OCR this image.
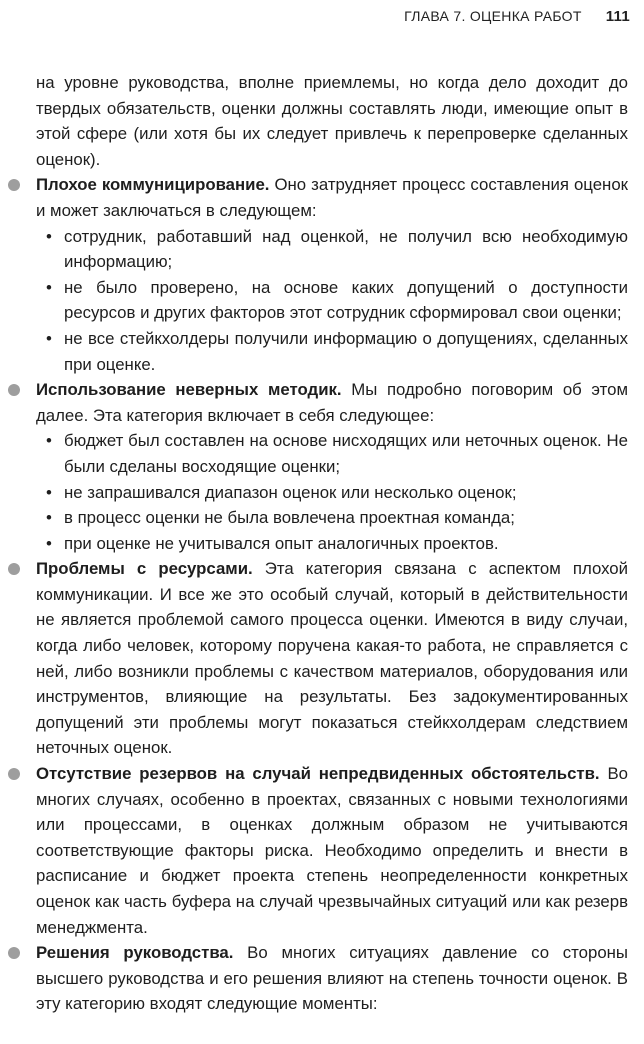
ГЛАВА 7. ОЦЕНКА РАБОТ 111

на уровне руководства, вполне приемлемы, но когда дело доходит до твердых обязательств, оценки должны составлять люди, имеющие опыт в этой сфере (или хотя бы их следует привлечь к перепроверке сделанных оценок).

Плохое коммуницирование. Оно затрудняет процесс составления оценок и может заключаться в следующем:

• сотрудник, работавший над оценкой, не получил всю необходимую информацию;
• не было проверено, на основе каких допущений о доступности ресурсов и других факторов этот сотрудник сформировал свои оценки;
• не все стейкхолдеры получили информацию о допущениях, сделанных при оценке.

Использование неверных методик. Мы подробно поговорим об этом далее. Эта категория включает в себя следующее:

• бюджет был составлен на основе нисходящих или неточных оценок. Не были сделаны восходящие оценки;
• не запрашивался диапазон оценок или несколько оценок;
• в процесс оценки не была вовлечена проектная команда;
• при оценке не учитывался опыт аналогичных проектов.

Проблемы с ресурсами. Эта категория связана с аспектом плохой коммуникации. И все же это особый случай, который в действительности не является проблемой самого процесса оценки. Имеются в виду случаи, когда либо человек, которому поручена какая-то работа, не справляется с ней, либо возникли проблемы с качеством материалов, оборудования или инструментов, влияющие на результаты. Без задокументированных допущений эти проблемы могут показаться стейкхолдерам следствием неточных оценок.

Отсутствие резервов на случай непредвиденных обстоятельств. Во многих случаях, особенно в проектах, связанных с новыми технологиями или процессами, в оценках должным образом не учитываются соответствующие факторы риска. Необходимо определить и внести в расписание и бюджет проекта степень неопределенности конкретных оценок как часть буфера на случай чрезвычайных ситуаций или как резерв менеджмента.

Решения руководства. Во многих ситуациях давление со стороны высшего руководства и его решения влияют на степень точности оценок. В эту категорию входят следующие моменты:
